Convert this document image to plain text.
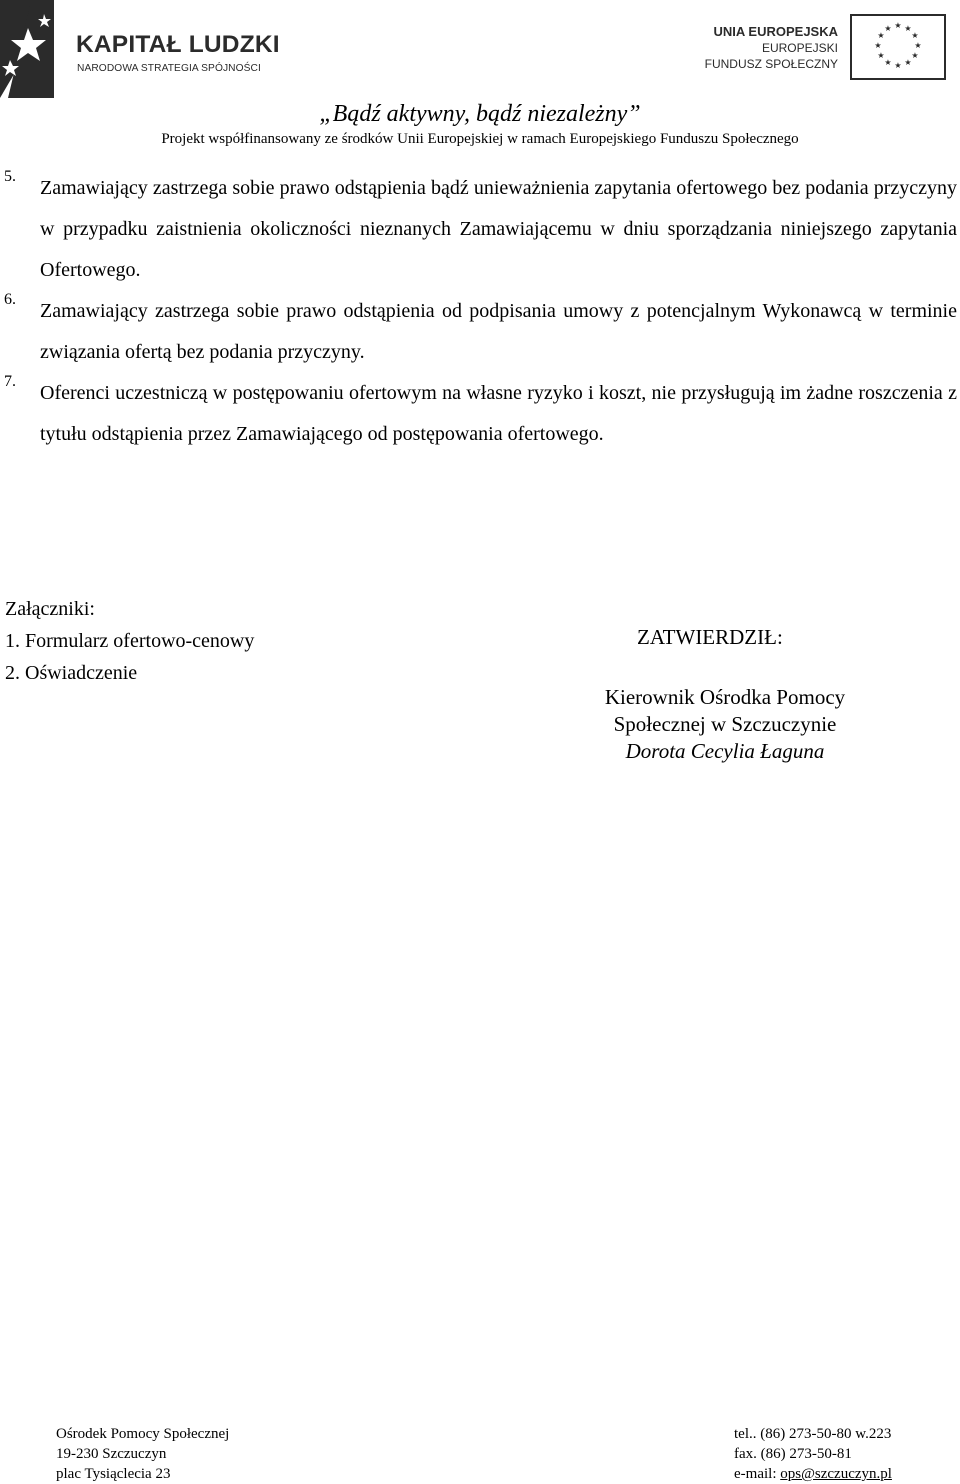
KAPITAŁ LUDZKI
NARODOWA STRATEGIA SPÓJNOŚCI
UNIA EUROPEJSKA
EUROPEJSKI
FUNDUSZ SPOŁECZNY
★ ★
★
★
★
★
★
★
★
★
★
★
„Bądź aktywny, bądź niezależny”
Projekt współfinansowany ze środków Unii Europejskiej w ramach Europejskiego Funduszu Społecznego
5.
Zamawiający zastrzega sobie prawo odstąpienia bądź unieważnienia zapytania ofertowego bez podania przyczyny w przypadku zaistnienia okoliczności nieznanych Zamawiającemu w dniu sporządzania niniejszego zapytania Ofertowego.
6.
Zamawiający zastrzega sobie prawo odstąpienia od podpisania umowy z potencjalnym Wykonawcą w terminie związania ofertą bez podania przyczyny.
7.
Oferenci uczestniczą w postępowaniu ofertowym na własne ryzyko i koszt, nie przysługują im żadne roszczenia z tytułu odstąpienia przez Zamawiającego od postępowania ofertowego.
Załączniki:
1. Formularz ofertowo-cenowy
2. Oświadczenie
ZATWIERDZIŁ:
Kierownik Ośrodka Pomocy
Społecznej w Szczuczynie
Dorota Cecylia Łaguna
Ośrodek Pomocy Społecznej
19-230 Szczuczyn
plac Tysiąclecia 23
tel.. (86) 273-50-80 w.223
fax. (86) 273-50-81
e-mail: ops@szczuczyn.pl
